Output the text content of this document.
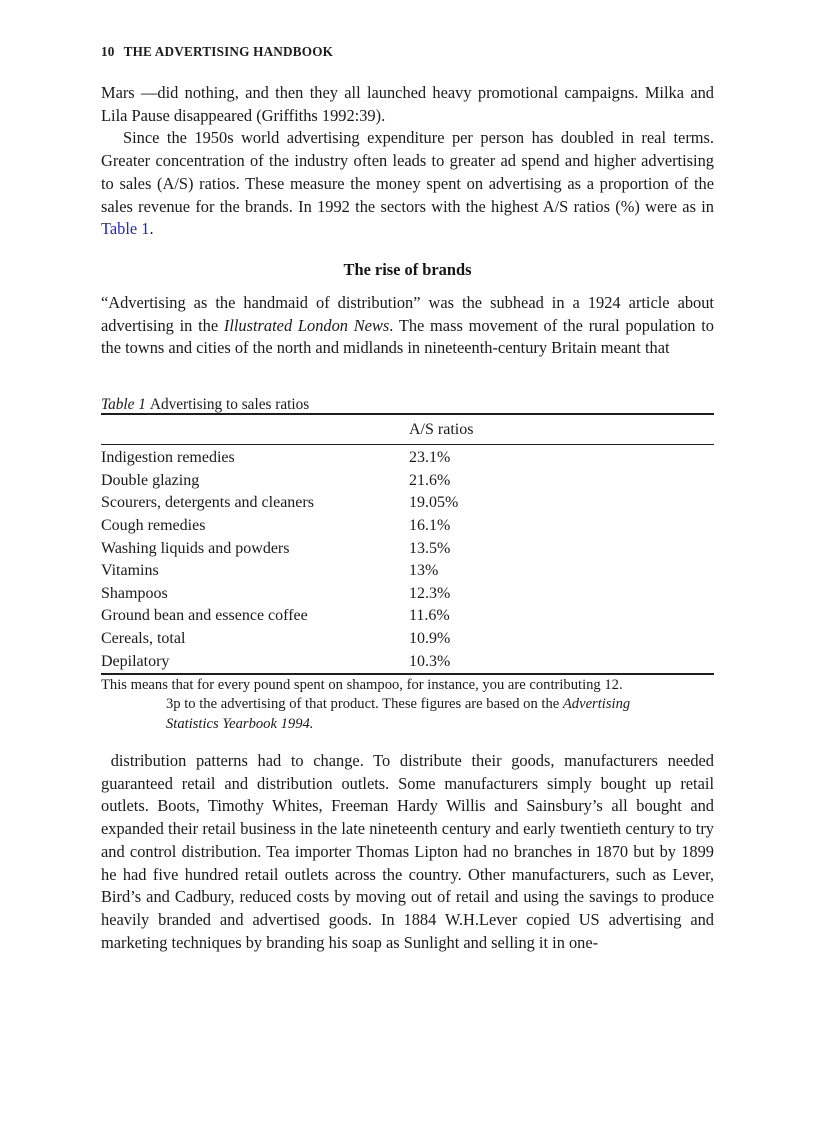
10 THE ADVERTISING HANDBOOK

Mars —did nothing, and then they all launched heavy promotional campaigns. Milka and Lila Pause disappeared (Griffiths 1992:39).

Since the 1950s world advertising expenditure per person has doubled in real terms. Greater concentration of the industry often leads to greater ad spend and higher advertising to sales (A/S) ratios. These measure the money spent on advertising as a proportion of the sales revenue for the brands. In 1992 the sectors with the highest A/S ratios (%) were as in Table 1.

The rise of brands

“Advertising as the handmaid of distribution” was the subhead in a 1924 article about advertising in the Illustrated London News. The mass movement of the rural population to the towns and cities of the north and midlands in nineteenth-century Britain meant that

Table 1 Advertising to sales ratios
A/S ratios
Indigestion remedies	23.1%
Double glazing	21.6%
Scourers, detergents and cleaners	19.05%
Cough remedies	16.1%
Washing liquids and powders	13.5%
Vitamins	13%
Shampoos	12.3%
Ground bean and essence coffee	11.6%
Cereals, total	10.9%
Depilatory	10.3%
This means that for every pound spent on shampoo, for instance, you are contributing 12.
3p to the advertising of that product. These figures are based on the Advertising
Statistics Yearbook 1994.

distribution patterns had to change. To distribute their goods, manufacturers needed guaranteed retail and distribution outlets. Some manufacturers simply bought up retail outlets. Boots, Timothy Whites, Freeman Hardy Willis and Sainsbury’s all bought and expanded their retail business in the late nineteenth century and early twentieth century to try and control distribution. Tea importer Thomas Lipton had no branches in 1870 but by 1899 he had five hundred retail outlets across the country. Other manufacturers, such as Lever, Bird’s and Cadbury, reduced costs by moving out of retail and using the savings to produce heavily branded and advertised goods. In 1884 W.H.Lever copied US advertising and marketing techniques by branding his soap as Sunlight and selling it in one-
